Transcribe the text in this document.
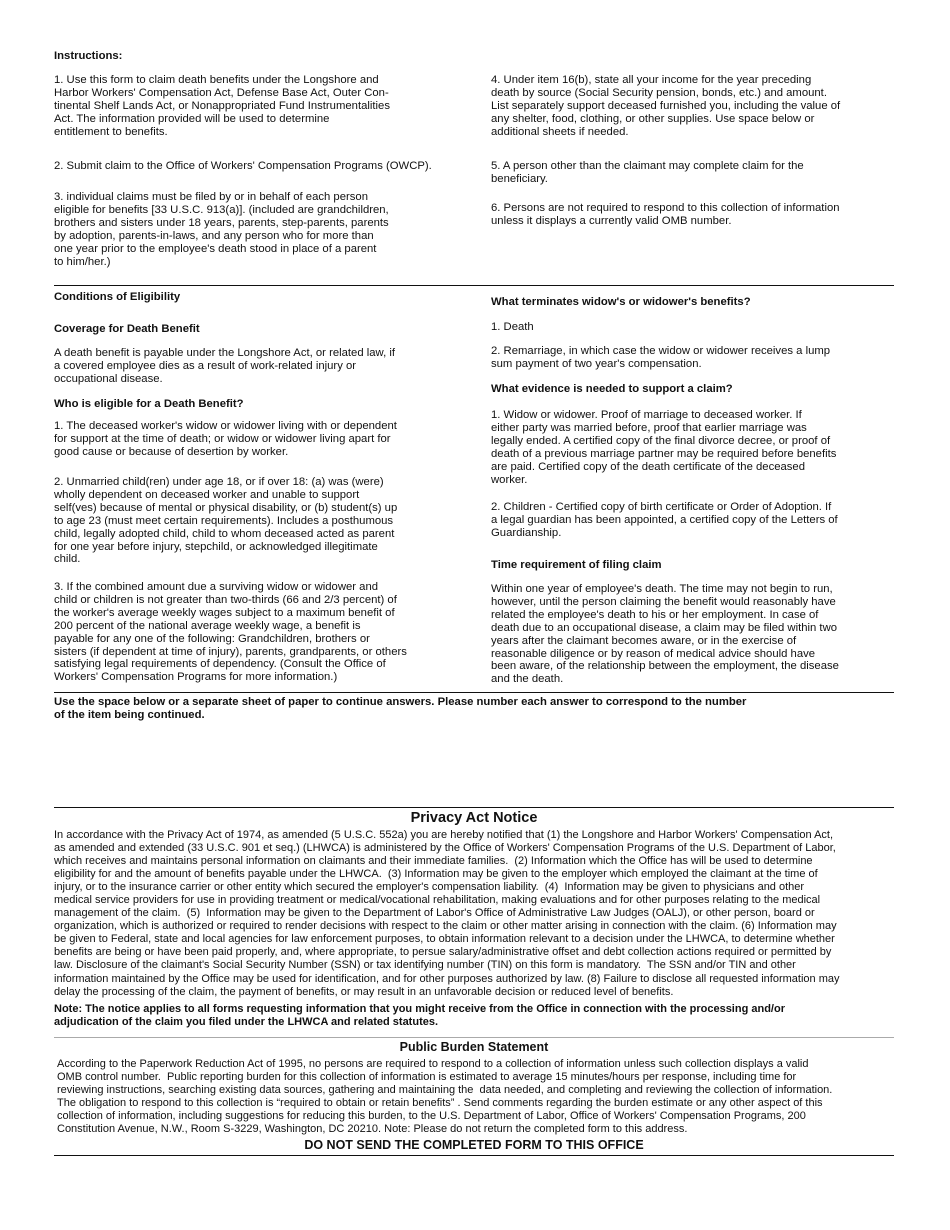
Instructions:

1. Use this form to claim death benefits under the Longshore and
Harbor Workers' Compensation Act, Defense Base Act, Outer Con-
tinental Shelf Lands Act, or Nonappropriated Fund Instrumentalities
Act. The information provided will be used to determine
entitlement to benefits.

2. Submit claim to the Office of Workers' Compensation Programs (OWCP).

3. individual claims must be filed by or in behalf of each person
eligible for benefits [33 U.S.C. 913(a)]. (included are grandchildren,
brothers and sisters under 18 years, parents, step-parents, parents
by adoption, parents-in-laws, and any person who for more than
one year prior to the employee's death stood in place of a parent
to him/her.)

4. Under item 16(b), state all your income for the year preceding
death by source (Social Security pension, bonds, etc.) and amount.
List separately support deceased furnished you, including the value of
any shelter, food, clothing, or other supplies. Use space below or
additional sheets if needed.

5. A person other than the claimant may complete claim for the
beneficiary.

6. Persons are not required to respond to this collection of information
unless it displays a currently valid OMB number.

Conditions of Eligibility

Coverage for Death Benefit

A death benefit is payable under the Longshore Act, or related law, if
a covered employee dies as a result of work-related injury or
occupational disease.

Who is eligible for a Death Benefit?

1. The deceased worker's widow or widower living with or dependent
for support at the time of death; or widow or widower living apart for
good cause or because of desertion by worker.

2. Unmarried child(ren) under age 18, or if over 18: (a) was (were)
wholly dependent on deceased worker and unable to support
self(ves) because of mental or physical disability, or (b) student(s) up
to age 23 (must meet certain requirements). Includes a posthumous
child, legally adopted child, child to whom deceased acted as parent
for one year before injury, stepchild, or acknowledged illegitimate
child.

3. If the combined amount due a surviving widow or widower and
child or children is not greater than two-thirds (66 and 2/3 percent) of
the worker's average weekly wages subject to a maximum benefit of
200 percent of the national average weekly wage, a benefit is
payable for any one of the following: Grandchildren, brothers or
sisters (if dependent at time of injury), parents, grandparents, or others
satisfying legal requirements of dependency. (Consult the Office of
Workers' Compensation Programs for more information.)

What terminates widow's or widower's benefits?

1. Death

2. Remarriage, in which case the widow or widower receives a lump
sum payment of two year's compensation.

What evidence is needed to support a claim?

1. Widow or widower. Proof of marriage to deceased worker. If
either party was married before, proof that earlier marriage was
legally ended. A certified copy of the final divorce decree, or proof of
death of a previous marriage partner may be required before benefits
are paid. Certified copy of the death certificate of the deceased
worker.

2. Children - Certified copy of birth certificate or Order of Adoption. If
a legal guardian has been appointed, a certified copy of the Letters of
Guardianship.

Time requirement of filing claim

Within one year of employee's death. The time may not begin to run,
however, until the person claiming the benefit would reasonably have
related the employee's death to his or her employment. In case of
death due to an occupational disease, a claim may be filed within two
years after the claimant becomes aware, or in the exercise of
reasonable diligence or by reason of medical advice should have
been aware, of the relationship between the employment, the disease
and the death.

Use the space below or a separate sheet of paper to continue answers. Please number each answer to correspond to the number
of the item being continued.

Privacy Act Notice

In accordance with the Privacy Act of 1974, as amended (5 U.S.C. 552a) you are hereby notified that (1) the Longshore and Harbor Workers' Compensation Act,
as amended and extended (33 U.S.C. 901 et seq.) (LHWCA) is administered by the Office of Workers' Compensation Programs of the U.S. Department of Labor,
which receives and maintains personal information on claimants and their immediate families.  (2) Information which the Office has will be used to determine
eligibility for and the amount of benefits payable under the LHWCA.  (3) Information may be given to the employer which employed the claimant at the time of
injury, or to the insurance carrier or other entity which secured the employer's compensation liability.  (4)  Information may be given to physicians and other
medical service providers for use in providing treatment or medical/vocational rehabilitation, making evaluations and for other purposes relating to the medical
management of the claim.  (5)  Information may be given to the Department of Labor's Office of Administrative Law Judges (OALJ), or other person, board or
organization, which is authorized or required to render decisions with respect to the claim or other matter arising in connection with the claim. (6) Information may
be given to Federal, state and local agencies for law enforcement purposes, to obtain information relevant to a decision under the LHWCA, to determine whether
benefits are being or have been paid properly, and, where appropriate, to persue salary/administrative offset and debt collection actions required or permitted by
law. Disclosure of the claimant's Social Security Number (SSN) or tax identifying number (TIN) on this form is mandatory.  The SSN and/or TIN and other
information maintained by the Office may be used for identification, and for other purposes authorized by law. (8) Failure to disclose all requested information may
delay the processing of the claim, the payment of benefits, or may result in an unfavorable decision or reduced level of benefits.

Note: The notice applies to all forms requesting information that you might receive from the Office in connection with the processing and/or
adjudication of the claim you filed under the LHWCA and related statutes.

Public Burden Statement

According to the Paperwork Reduction Act of 1995, no persons are required to respond to a collection of information unless such collection displays a valid
OMB control number.  Public reporting burden for this collection of information is estimated to average 15 minutes/hours per response, including time for
reviewing instructions, searching existing data sources, gathering and maintaining the  data needed, and completing and reviewing the collection of information.
The obligation to respond to this collection is “required to obtain or retain benefits” . Send comments regarding the burden estimate or any other aspect of this
collection of information, including suggestions for reducing this burden, to the U.S. Department of Labor, Office of Workers' Compensation Programs, 200
Constitution Avenue, N.W., Room S-3229, Washington, DC 20210. Note: Please do not return the completed form to this address.

DO NOT SEND THE COMPLETED FORM TO THIS OFFICE
